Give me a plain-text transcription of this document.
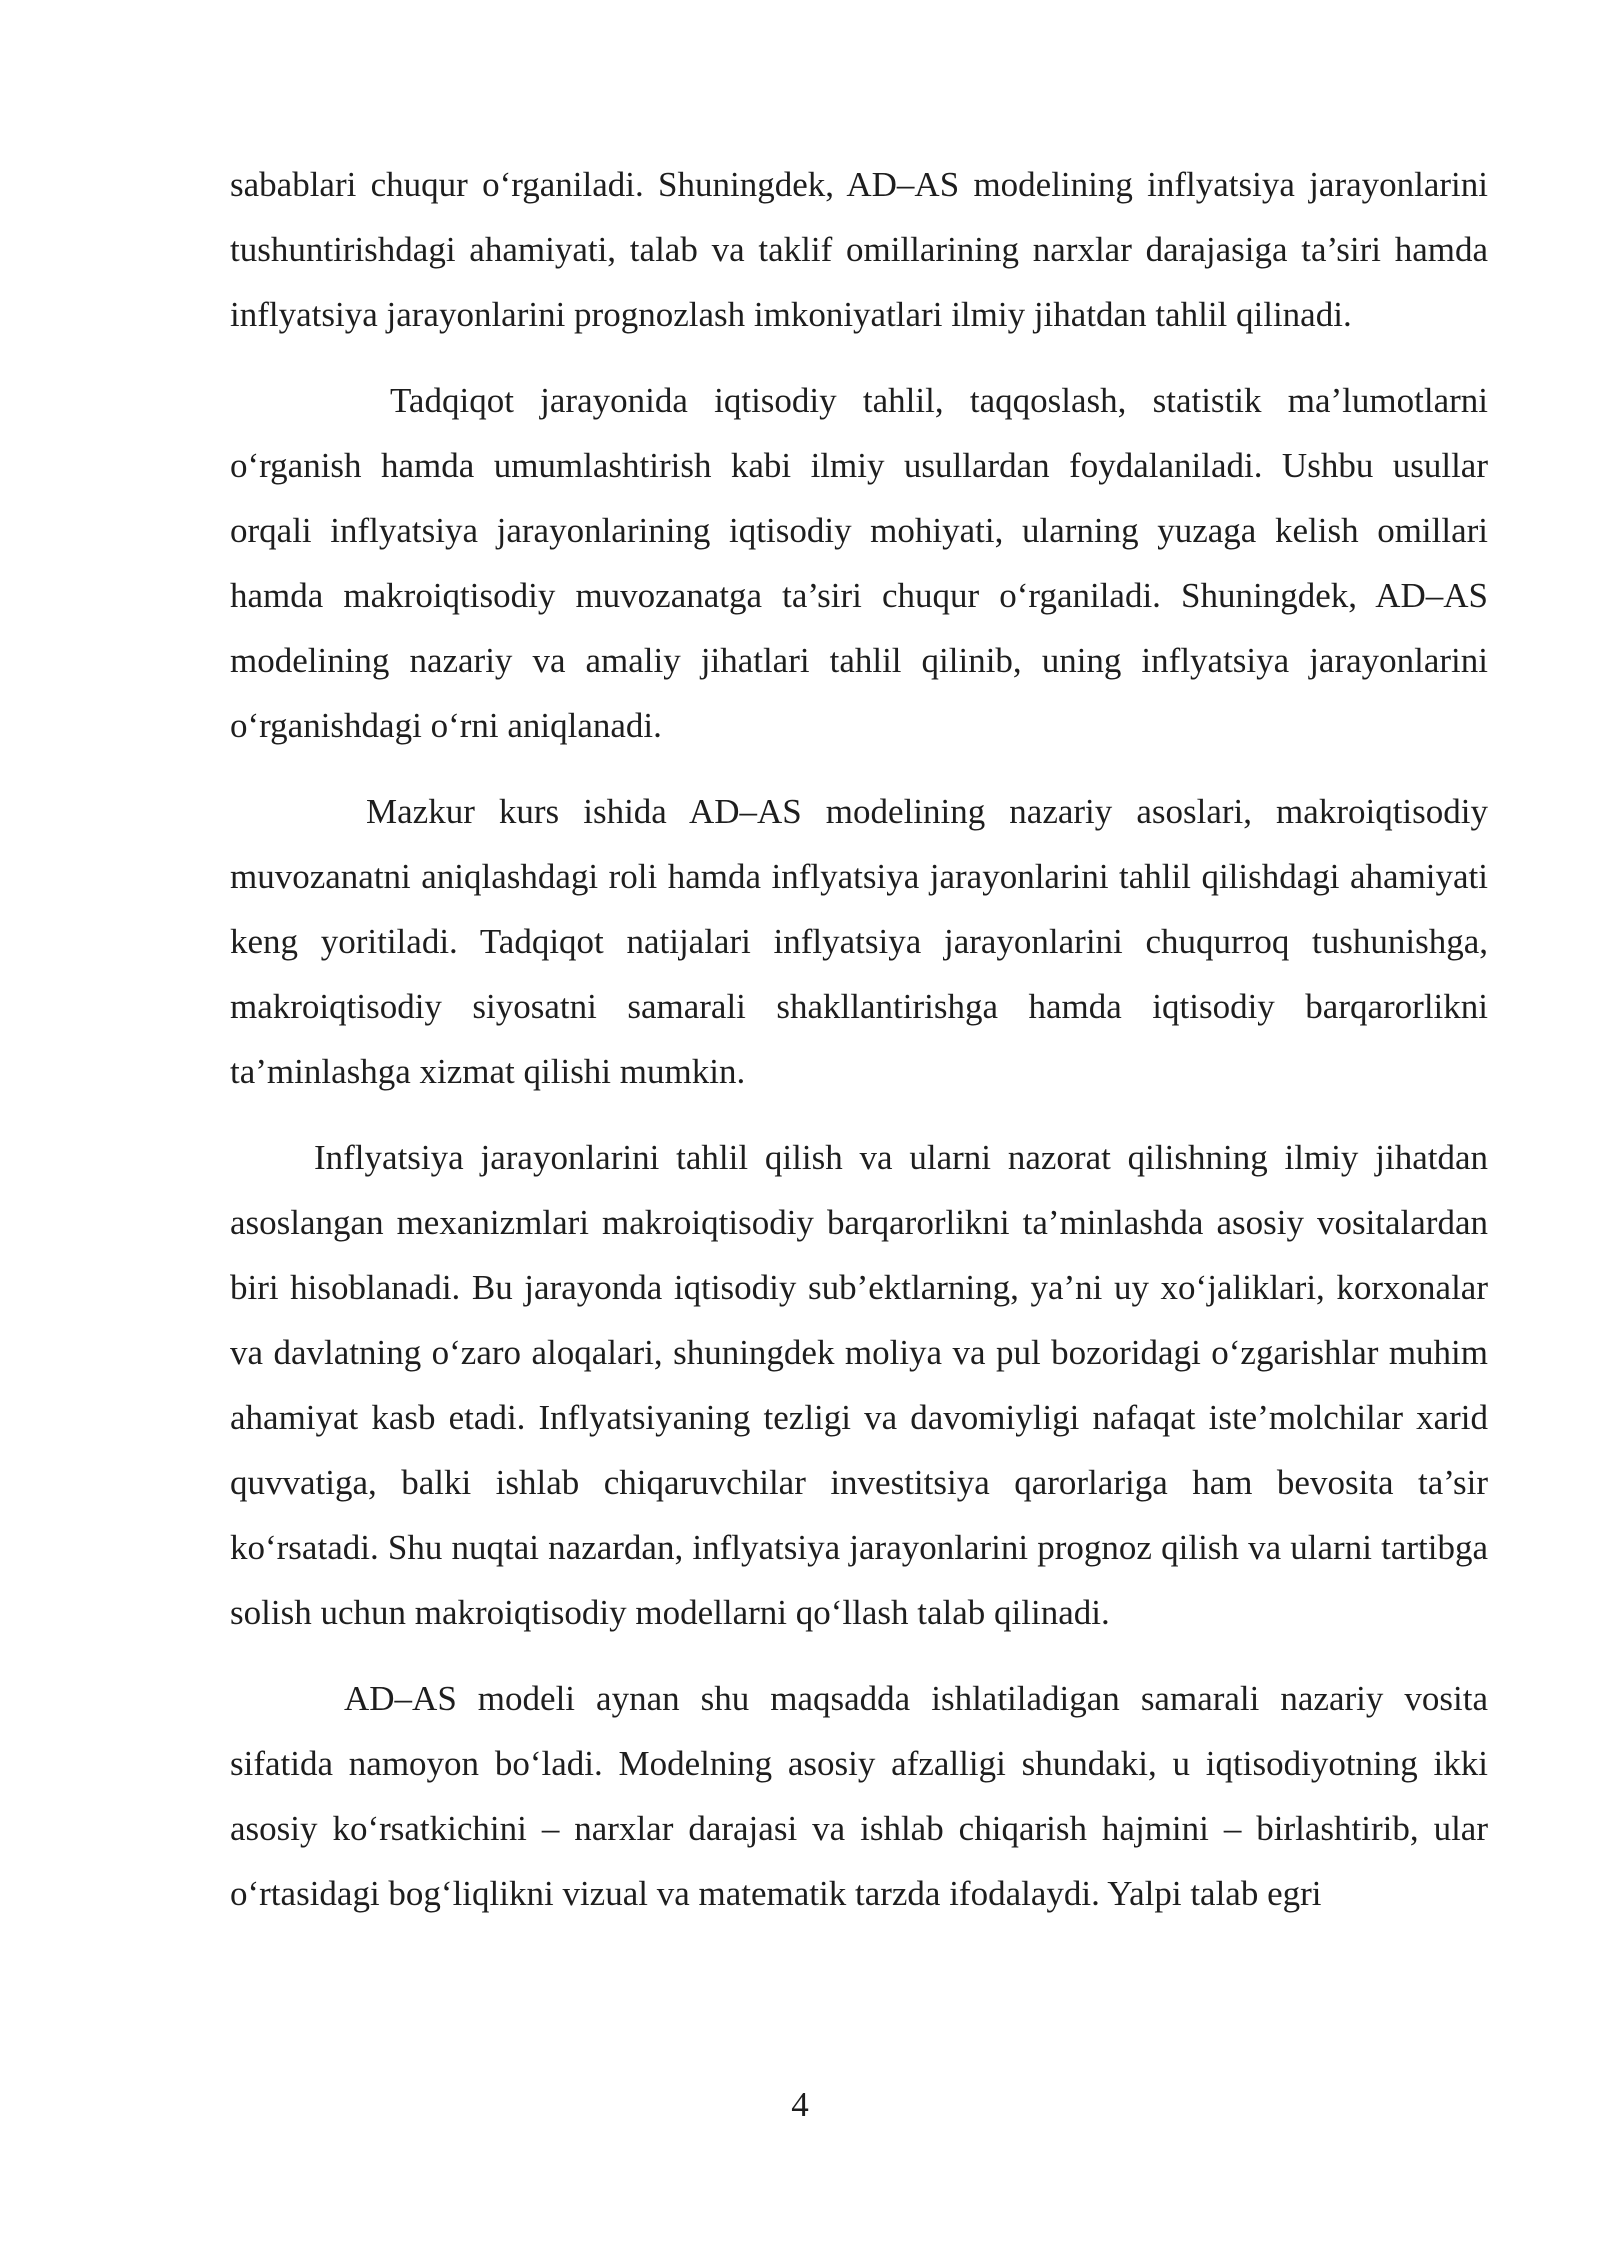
sabablari chuqur o‘rganiladi. Shuningdek, AD–AS modelining inflyatsiya jarayonlarini tushuntirishdagi ahamiyati, talab va taklif omillarining narxlar darajasiga ta’siri hamda inflyatsiya jarayonlarini prognozlash imkoniyatlari ilmiy jihatdan tahlil qilinadi.

Tadqiqot jarayonida iqtisodiy tahlil, taqqoslash, statistik ma’lumotlarni o‘rganish hamda umumlashtirish kabi ilmiy usullardan foydalaniladi. Ushbu usullar orqali inflyatsiya jarayonlarining iqtisodiy mohiyati, ularning yuzaga kelish omillari hamda makroiqtisodiy muvozanatga ta’siri chuqur o‘rganiladi. Shuningdek, AD–AS modelining nazariy va amaliy jihatlari tahlil qilinib, uning inflyatsiya jarayonlarini o‘rganishdagi o‘rni aniqlanadi.

Mazkur kurs ishida AD–AS modelining nazariy asoslari, makroiqtisodiy muvozanatni aniqlashdagi roli hamda inflyatsiya jarayonlarini tahlil qilishdagi ahamiyati keng yoritiladi. Tadqiqot natijalari inflyatsiya jarayonlarini chuqurroq tushunishga, makroiqtisodiy siyosatni samarali shakllantirishga hamda iqtisodiy barqarorlikni ta’minlashga xizmat qilishi mumkin.

Inflyatsiya jarayonlarini tahlil qilish va ularni nazorat qilishning ilmiy jihatdan asoslangan mexanizmlari makroiqtisodiy barqarorlikni ta’minlashda asosiy vositalardan biri hisoblanadi. Bu jarayonda iqtisodiy sub’ektlarning, ya’ni uy xo‘jaliklari, korxonalar va davlatning o‘zaro aloqalari, shuningdek moliya va pul bozoridagi o‘zgarishlar muhim ahamiyat kasb etadi. Inflyatsiyaning tezligi va davomiyligi nafaqat iste’molchilar xarid quvvatiga, balki ishlab chiqaruvchilar investitsiya qarorlariga ham bevosita ta’sir ko‘rsatadi. Shu nuqtai nazardan, inflyatsiya jarayonlarini prognoz qilish va ularni tartibga solish uchun makroiqtisodiy modellarni qo‘llash talab qilinadi.

AD–AS modeli aynan shu maqsadda ishlatiladigan samarali nazariy vosita sifatida namoyon bo‘ladi. Modelning asosiy afzalligi shundaki, u iqtisodiyotning ikki asosiy ko‘rsatkichini – narxlar darajasi va ishlab chiqarish hajmini – birlashtirib, ular o‘rtasidagi bog‘liqlikni vizual va matematik tarzda ifodalaydi. Yalpi talab egri

4
